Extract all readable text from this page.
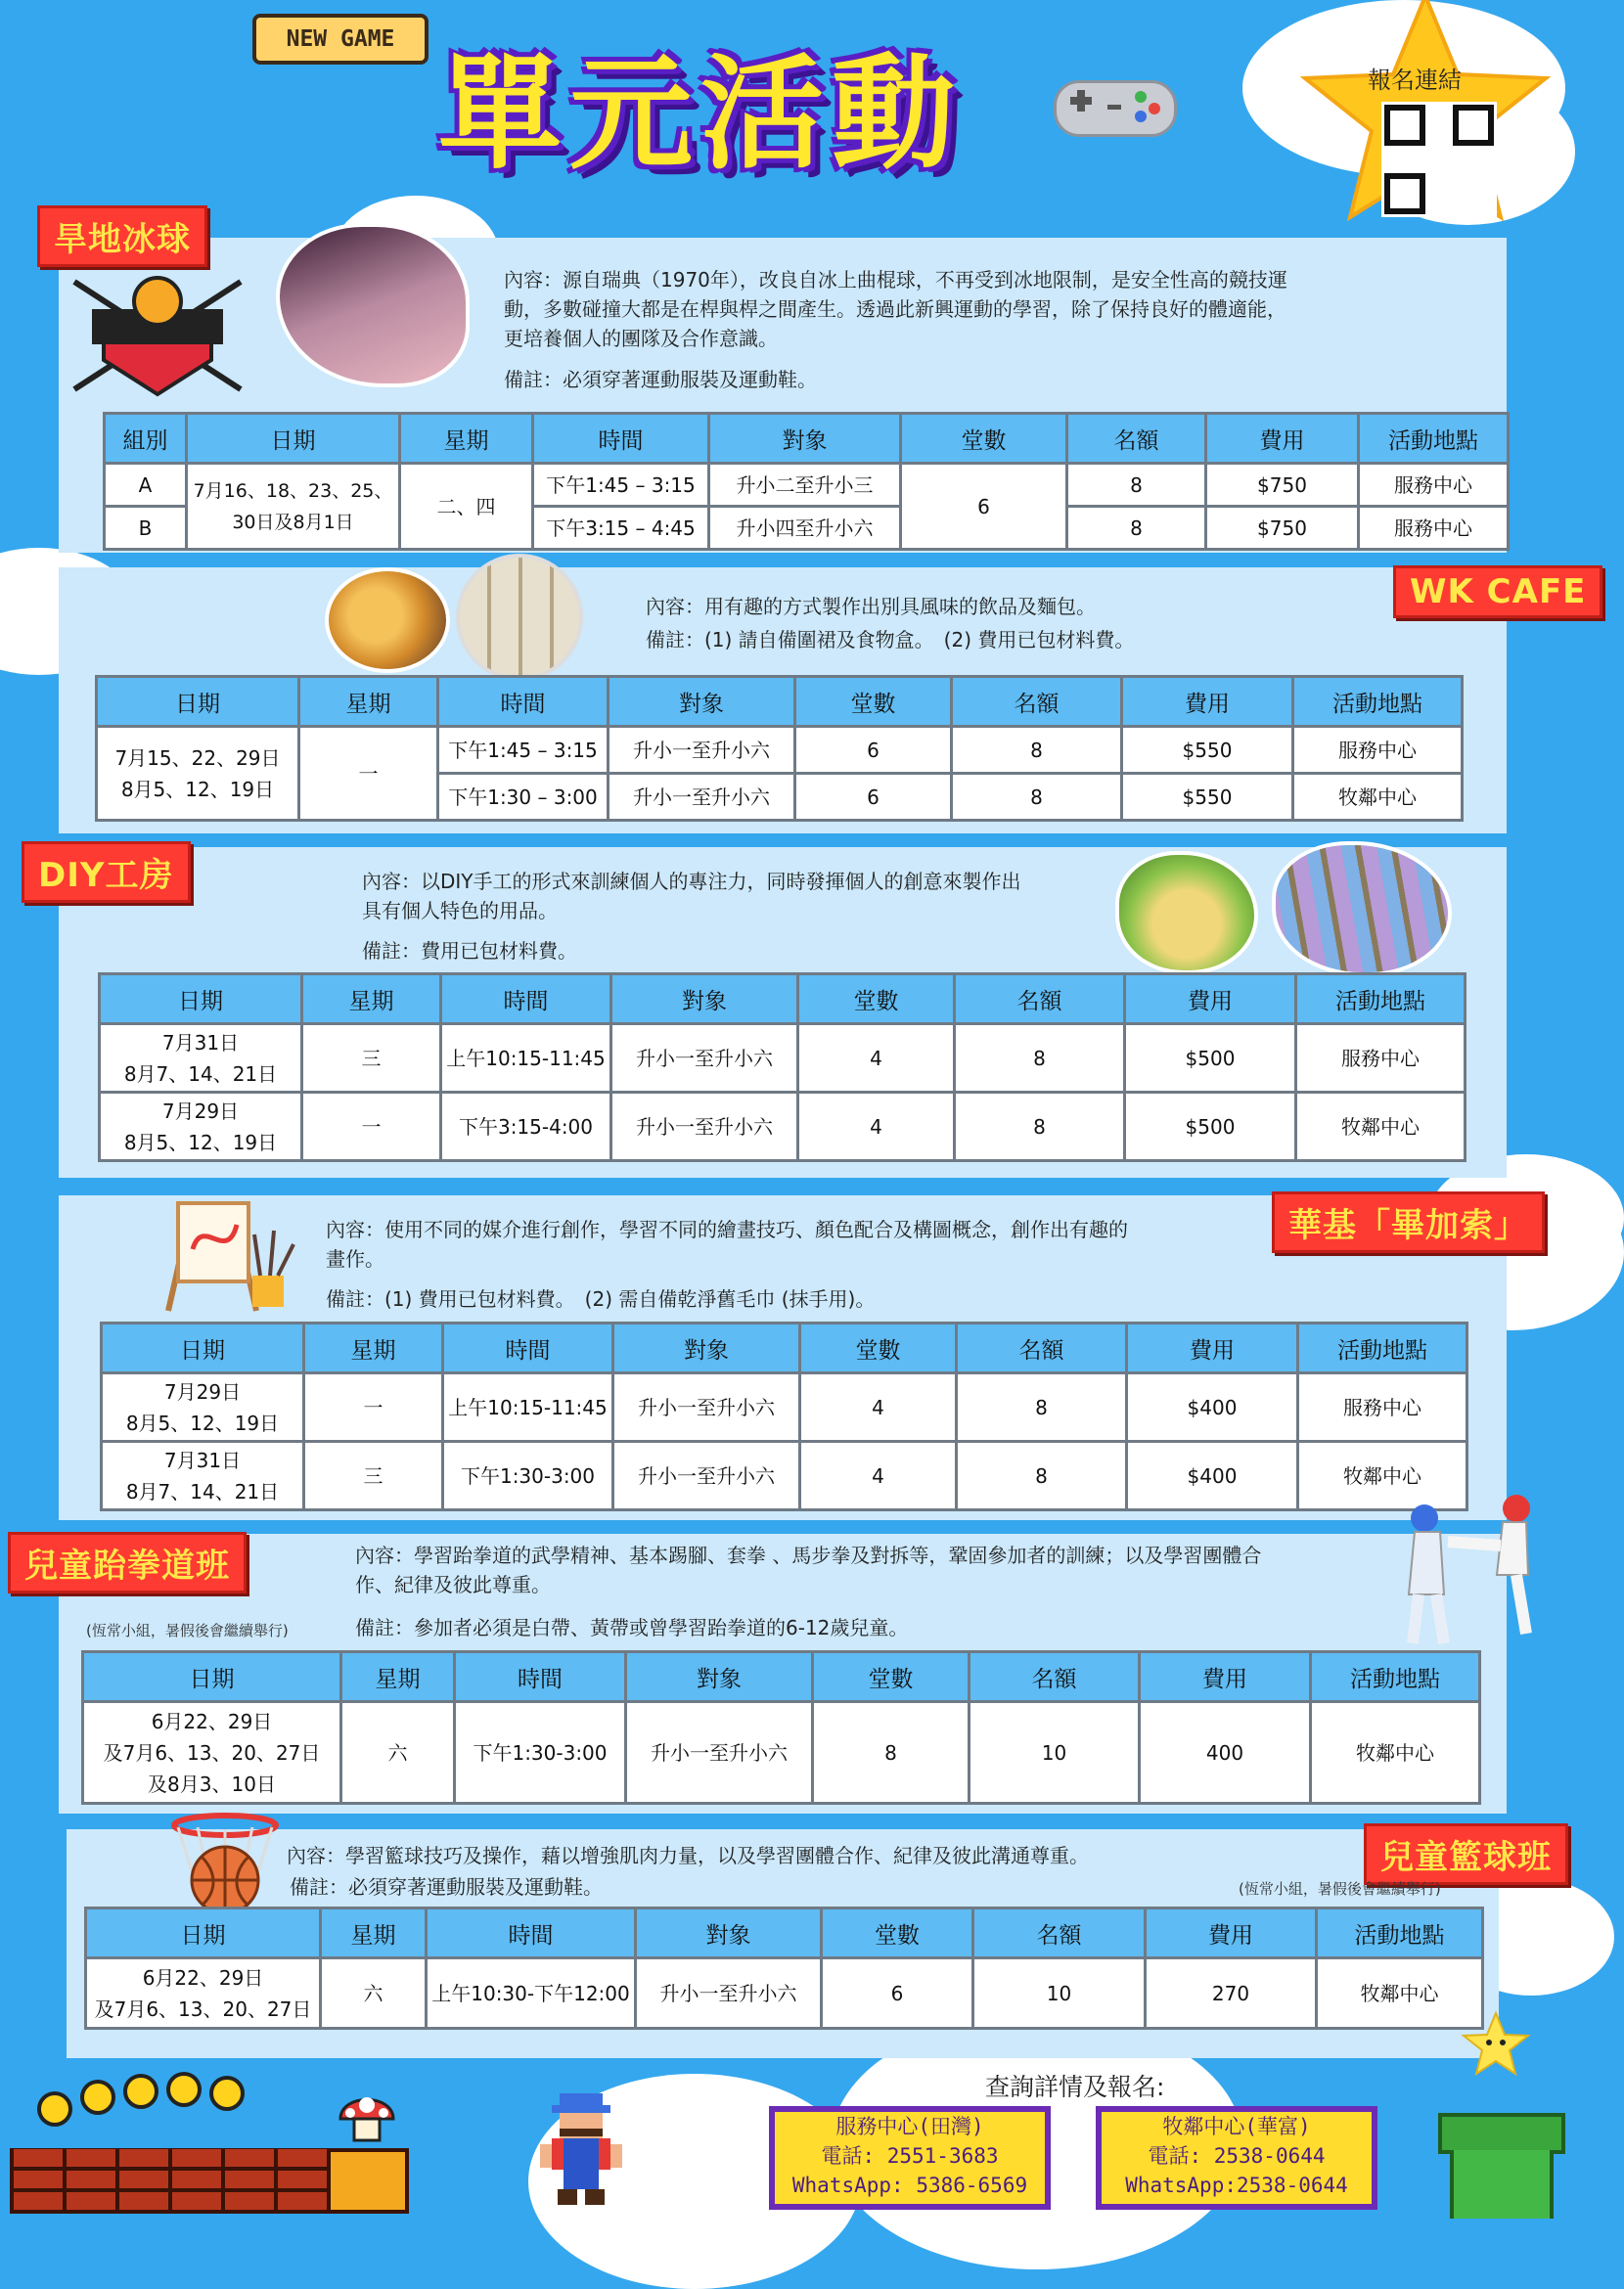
NEW GAME
單元活動	報名連結
旱地冰球
內容：源自瑞典（1970年），改良自冰上曲棍球，不再受到冰地限制，是安全性高的競技運動，多數碰撞大都是在桿與桿之間產生。透過此新興運動的學習，除了保持良好的體適能，更培養個人的團隊及合作意識。
備註：必須穿著運動服裝及運動鞋。
組別	日期	星期	時間	對象	堂數	名額	費用	活動地點
A	7月16、18、23、25、30日及8月1日	二、四	下午1:45 – 3:15	升小二至升小三	6	8	$750	服務中心
B			下午3:15 – 4:45	升小四至升小六		8	$750	服務中心
WK CAFE
內容：用有趣的方式製作出別具風味的飲品及麵包。
備註：(1) 請自備圍裙及食物盒。　(2) 費用已包材料費。
日期	星期	時間	對象	堂數	名額	費用	活動地點
7月15、22、29日
8月5、12、19日	一	下午1:45 – 3:15	升小一至升小六	6	8	$550	服務中心
		下午1:30 – 3:00	升小一至升小六	6	8	$550	牧鄰中心
DIY工房	內容：以DIY手工的形式來訓練個人的專注力，同時發揮個人的創意來製作出具有個人特色的用品。
備註：費用已包材料費。
日期	星期	時間	對象	堂數	名額	費用	活動地點
7月31日
8月7、14、21日	三	上午10:15-11:45	升小一至升小六	4	8	$500	服務中心
7月29日
8月5、12、19日	一	下午3:15-4:00	升小一至升小六	4	8	$500	牧鄰中心
華基「畢加索」
內容：使用不同的媒介進行創作，學習不同的繪畫技巧、顏色配合及構圖概念，創作出有趣的畫作。
備註：(1) 費用已包材料費。　(2) 需自備乾淨舊毛巾 (抹手用)。
日期	星期	時間	對象	堂數	名額	費用	活動地點
7月29日
8月5、12、19日	一	上午10:15-11:45	升小一至升小六	4	8	$400	服務中心
7月31日
8月7、14、21日	三	下午1:30-3:00	升小一至升小六	4	8	$400	牧鄰中心
兒童跆拳道班
(恆常小組，暑假後會繼續舉行)
內容：學習跆拳道的武學精神、基本踢腳、套拳 、馬步拳及對拆等，鞏固參加者的訓練；以及學習團體合作、紀律及彼此尊重。
備註：參加者必須是白帶、黃帶或曾學習跆拳道的6-12歲兒童。
日期	星期	時間	對象	堂數	名額	費用	活動地點
6月22、29日
及7月6、13、20、27日
及8月3、10日	六	下午1:30-3:00	升小一至升小六	8	10	400	牧鄰中心
兒童籃球班
(恆常小組，暑假後會繼續舉行)
內容：學習籃球技巧及操作，藉以增強肌肉力量，以及學習團體合作、紀律及彼此溝通尊重。
備註：必須穿著運動服裝及運動鞋。
日期	星期	時間	對象	堂數	名額	費用	活動地點
6月22、29日
及7月6、13、20、27日	六	上午10:30-下午12:00	升小一至升小六	6	10	270	牧鄰中心
查詢詳情及報名:
服務中心(田灣)
電話: 2551-3683
WhatsApp: 5386-6569
牧鄰中心(華富)
電話: 2538-0644
WhatsApp:2538-0644
